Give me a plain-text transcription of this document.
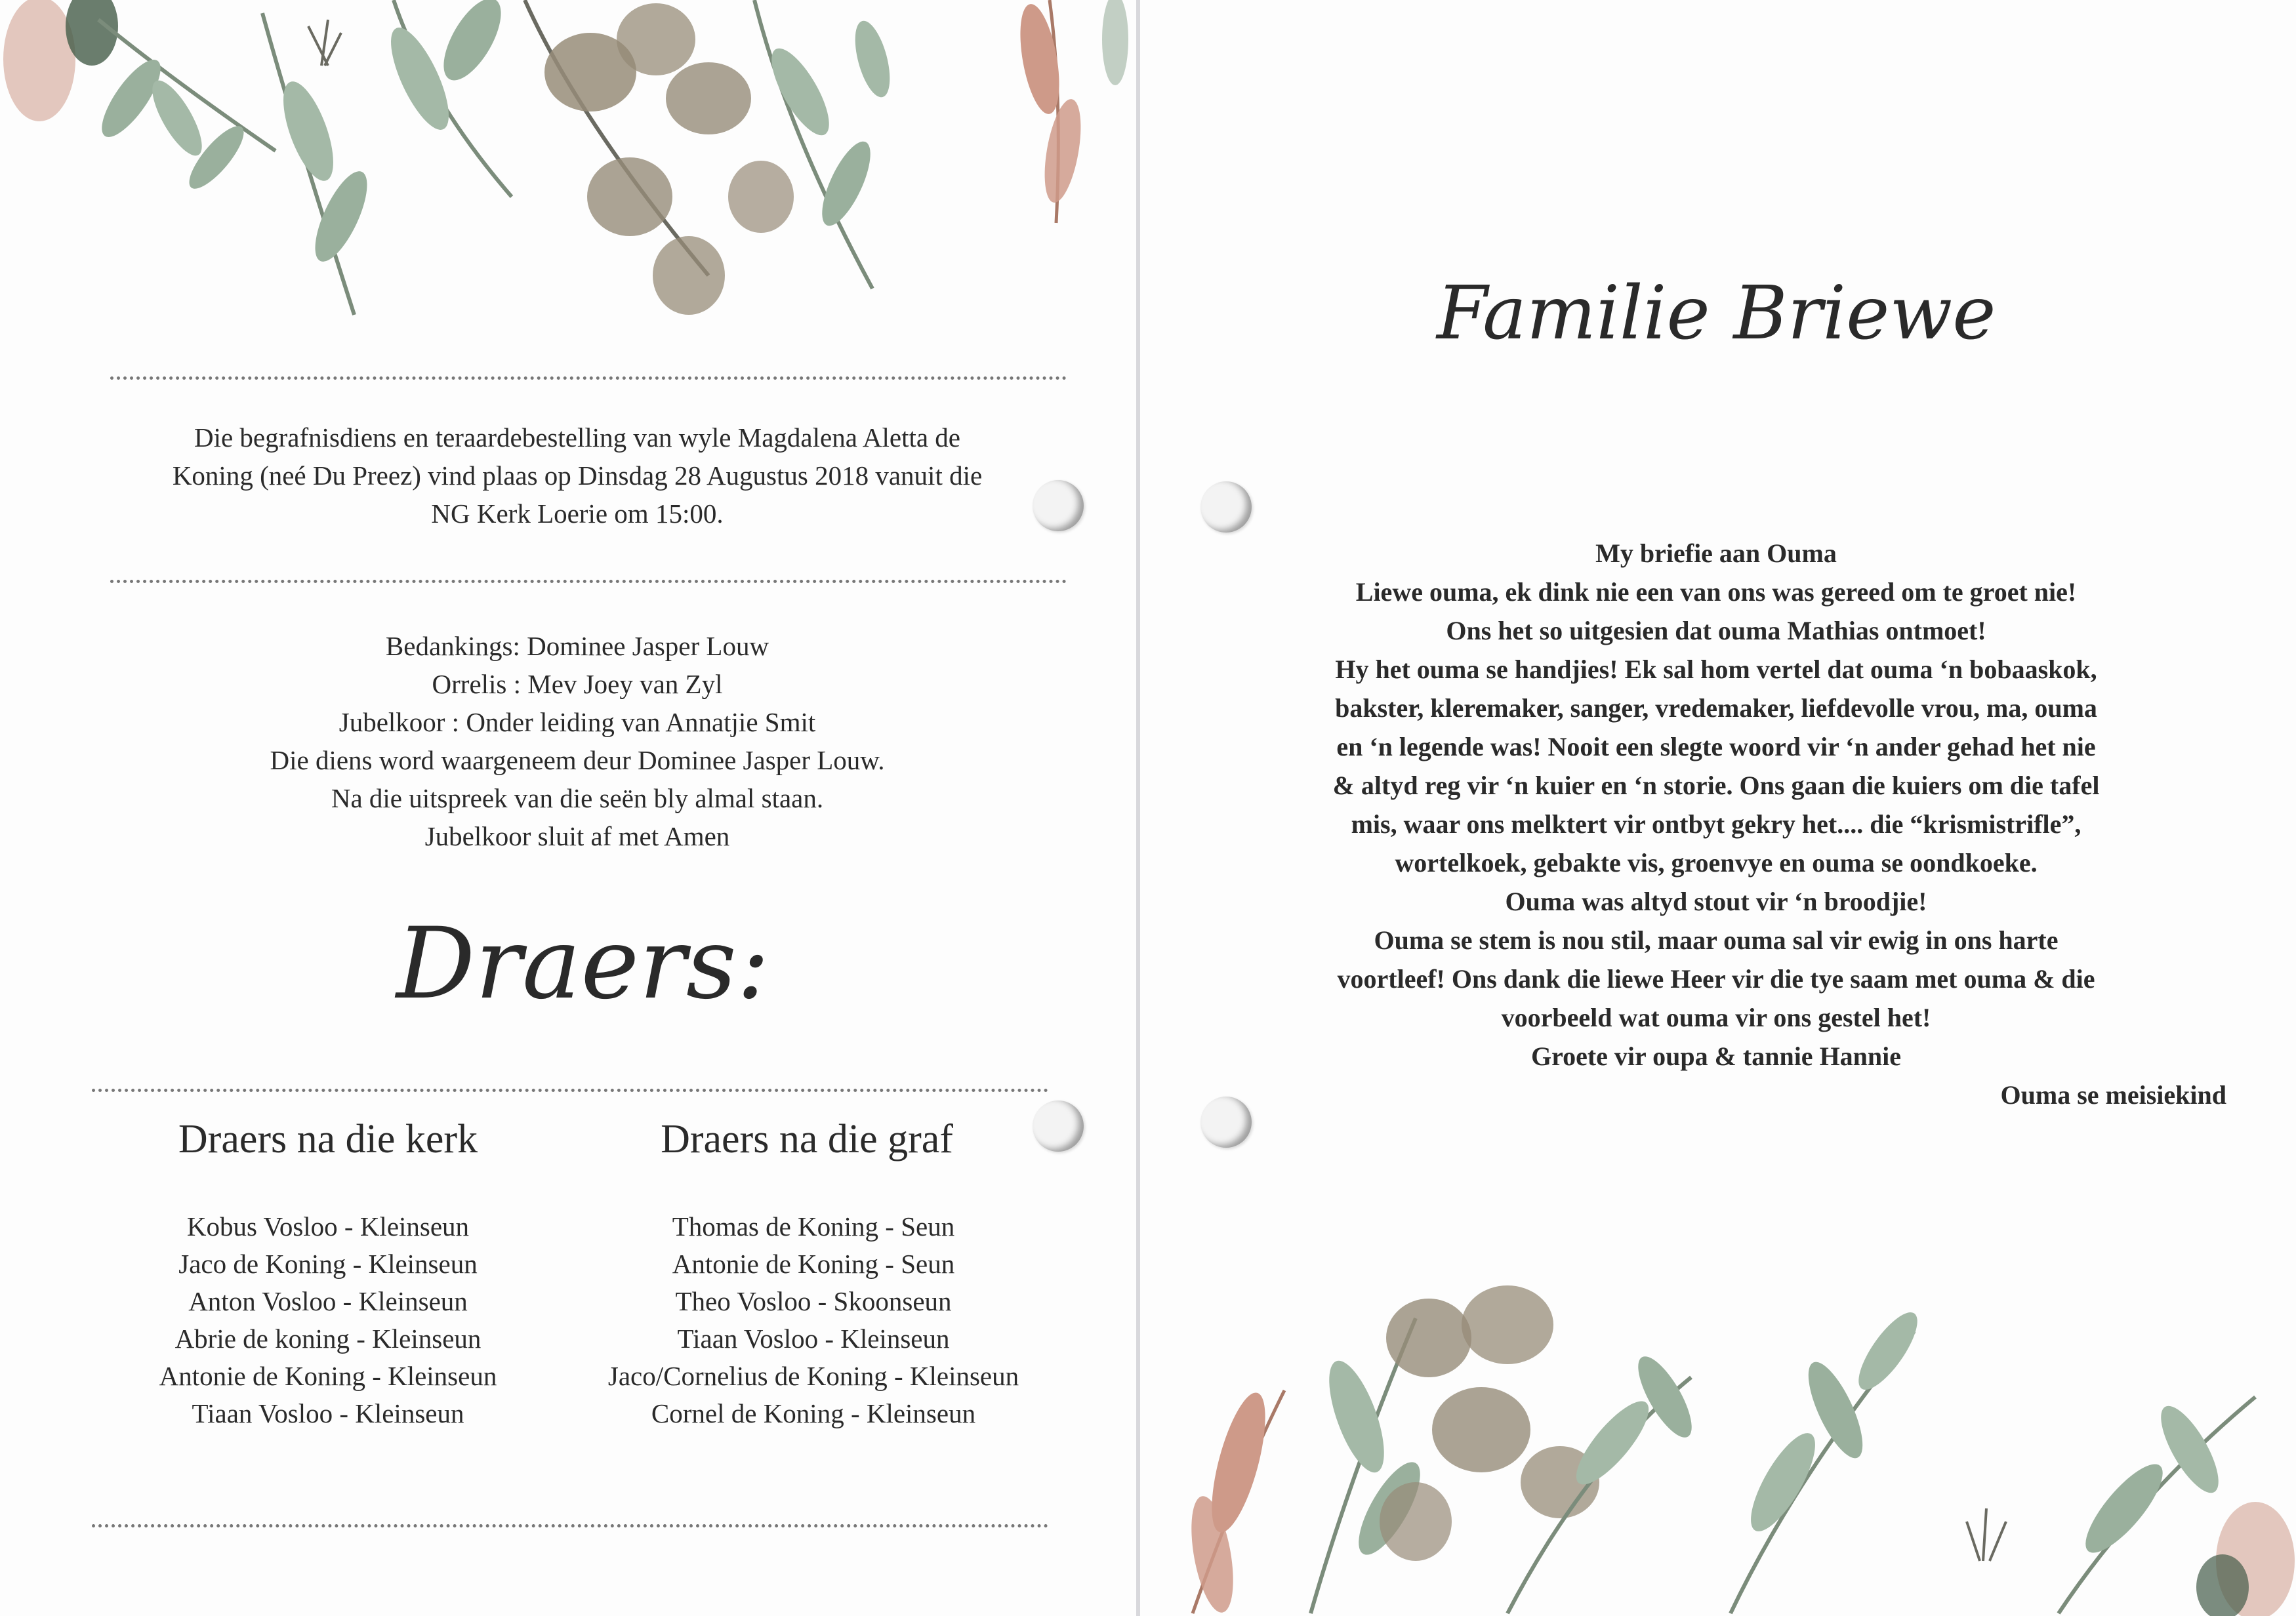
Die begrafnisdiens en teraardebestelling van wyle Magdalena Aletta de
Koning (neé Du Preez) vind plaas op Dinsdag 28 Augustus 2018 vanuit die
NG Kerk Loerie om 15:00.
Bedankings: Dominee Jasper Louw
Orrelis : Mev Joey van Zyl
Jubelkoor : Onder leiding van Annatjie Smit
Die diens word waargeneem deur Dominee Jasper Louw.
Na die uitspreek van die seën bly almal staan.
Jubelkoor sluit af met Amen
Draers:
Draers na die kerk	Draers na die graf
Kobus Vosloo - Kleinseun
Jaco de Koning - Kleinseun
Anton Vosloo - Kleinseun
Abrie de koning - Kleinseun
Antonie de Koning - Kleinseun
Tiaan Vosloo - Kleinseun
Thomas de Koning - Seun
Antonie de Koning - Seun
Theo Vosloo - Skoonseun
Tiaan Vosloo - Kleinseun
Jaco/Cornelius de Koning - Kleinseun
Cornel de Koning - Kleinseun
Familie Briewe
My briefie aan Ouma
Liewe ouma, ek dink nie een van ons was gereed om te groet nie!
Ons het so uitgesien dat ouma Mathias ontmoet!
Hy het ouma se handjies! Ek sal hom vertel dat ouma ‘n bobaaskok,
bakster, kleremaker, sanger, vredemaker, liefdevolle vrou, ma, ouma
en ‘n legende was! Nooit een slegte woord vir ‘n ander gehad het nie
& altyd reg vir ‘n kuier en ‘n storie. Ons gaan die kuiers om die tafel
mis, waar ons melktert vir ontbyt gekry het.... die “krismistrifle”,
wortelkoek, gebakte vis, groenvye en ouma se oondkoeke.
Ouma was altyd stout vir ‘n broodjie!
Ouma se stem is nou stil, maar ouma sal vir ewig in ons harte
voortleef! Ons dank die liewe Heer vir die tye saam met ouma & die
voorbeeld wat ouma vir ons gestel het!
Groete vir oupa & tannie Hannie
Ouma se meisiekind
